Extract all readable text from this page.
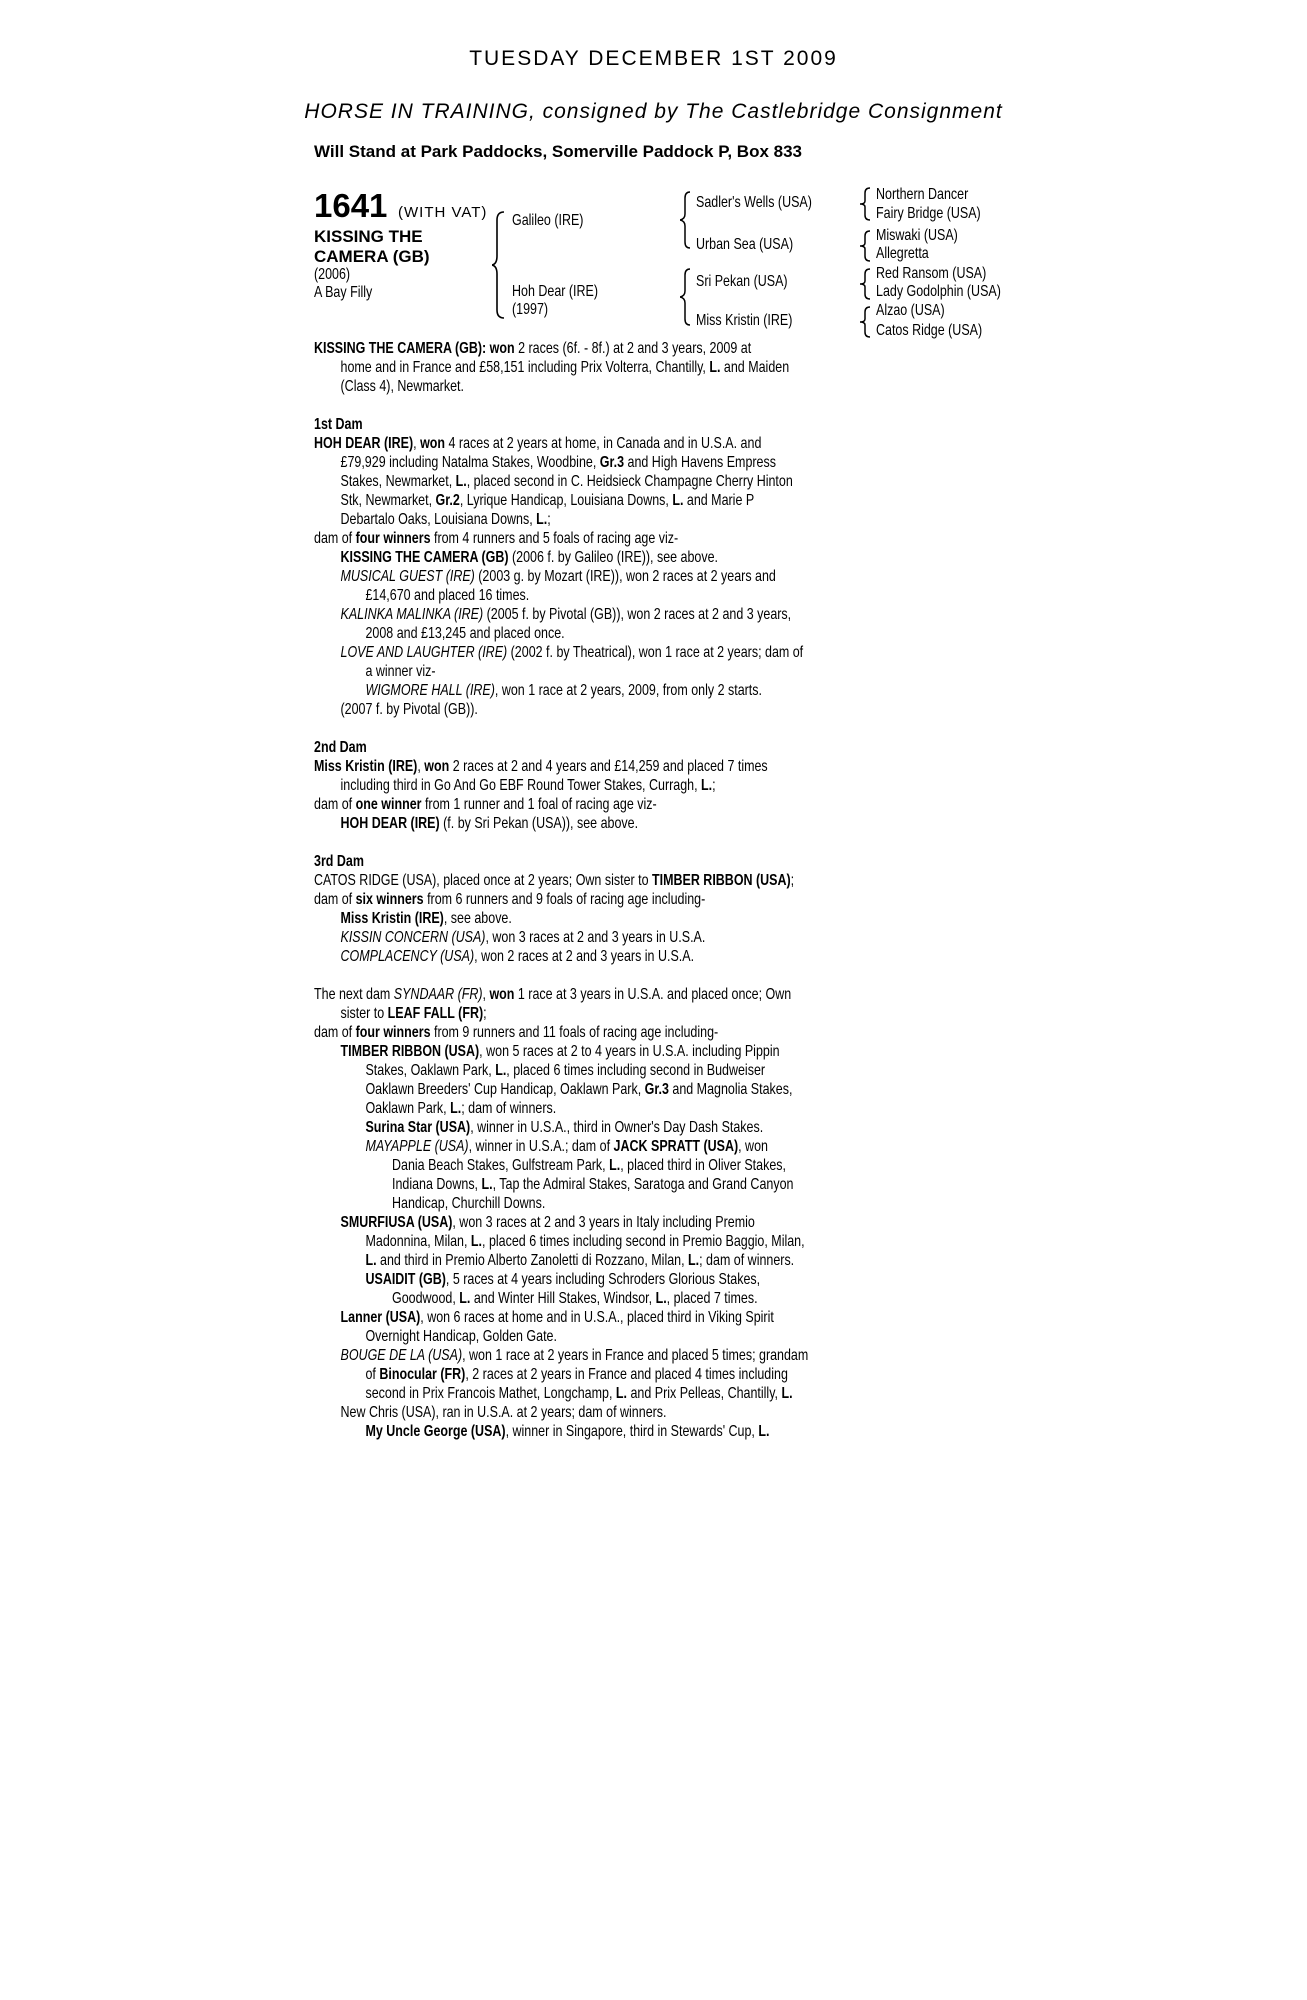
TUESDAY DECEMBER 1ST 2009
HORSE IN TRAINING, consigned by The Castlebridge Consignment
Will Stand at Park Paddocks, Somerville Paddock P, Box 833
1641 (WITH VAT)
KISSING THE
CAMERA (GB)
(2006)
A Bay Filly
Galileo (IRE)
Hoh Dear (IRE)
(1997)
Sadler's Wells (USA)
Urban Sea (USA)
Sri Pekan (USA)
Miss Kristin (IRE)
Northern Dancer
Fairy Bridge (USA)
Miswaki (USA)
Allegretta
Red Ransom (USA)
Lady Godolphin (USA)
Alzao (USA)
Catos Ridge (USA)

KISSING THE CAMERA (GB): won 2 races (6f. - 8f.) at 2 and 3 years, 2009 at

home and in France and £58,151 including Prix Volterra, Chantilly, L. and Maiden

(Class 4), Newmarket.

1st Dam

HOH DEAR (IRE), won 4 races at 2 years at home, in Canada and in U.S.A. and

£79,929 including Natalma Stakes, Woodbine, Gr.3 and High Havens Empress

Stakes, Newmarket, L., placed second in C. Heidsieck Champagne Cherry Hinton

Stk, Newmarket, Gr.2, Lyrique Handicap, Louisiana Downs, L. and Marie P

Debartalo Oaks, Louisiana Downs, L.;

dam of four winners from 4 runners and 5 foals of racing age viz-

KISSING THE CAMERA (GB) (2006 f. by Galileo (IRE)), see above.

MUSICAL GUEST (IRE) (2003 g. by Mozart (IRE)), won 2 races at 2 years and

£14,670 and placed 16 times.

KALINKA MALINKA (IRE) (2005 f. by Pivotal (GB)), won 2 races at 2 and 3 years,

2008 and £13,245 and placed once.

LOVE AND LAUGHTER (IRE) (2002 f. by Theatrical), won 1 race at 2 years; dam of

a winner viz-

WIGMORE HALL (IRE), won 1 race at 2 years, 2009, from only 2 starts.

(2007 f. by Pivotal (GB)).

2nd Dam

Miss Kristin (IRE), won 2 races at 2 and 4 years and £14,259 and placed 7 times

including third in Go And Go EBF Round Tower Stakes, Curragh, L.;

dam of one winner from 1 runner and 1 foal of racing age viz-

HOH DEAR (IRE) (f. by Sri Pekan (USA)), see above.

3rd Dam

CATOS RIDGE (USA), placed once at 2 years; Own sister to TIMBER RIBBON (USA);

dam of six winners from 6 runners and 9 foals of racing age including-

Miss Kristin (IRE), see above.

KISSIN CONCERN (USA), won 3 races at 2 and 3 years in U.S.A.

COMPLACENCY (USA), won 2 races at 2 and 3 years in U.S.A.

The next dam SYNDAAR (FR), won 1 race at 3 years in U.S.A. and placed once; Own

sister to LEAF FALL (FR);

dam of four winners from 9 runners and 11 foals of racing age including-

TIMBER RIBBON (USA), won 5 races at 2 to 4 years in U.S.A. including Pippin

Stakes, Oaklawn Park, L., placed 6 times including second in Budweiser

Oaklawn Breeders' Cup Handicap, Oaklawn Park, Gr.3 and Magnolia Stakes,

Oaklawn Park, L.; dam of winners.

Surina Star (USA), winner in U.S.A., third in Owner's Day Dash Stakes.

MAYAPPLE (USA), winner in U.S.A.; dam of JACK SPRATT (USA), won

Dania Beach Stakes, Gulfstream Park, L., placed third in Oliver Stakes,

Indiana Downs, L., Tap the Admiral Stakes, Saratoga and Grand Canyon

Handicap, Churchill Downs.

SMURFIUSA (USA), won 3 races at 2 and 3 years in Italy including Premio

Madonnina, Milan, L., placed 6 times including second in Premio Baggio, Milan,

L. and third in Premio Alberto Zanoletti di Rozzano, Milan, L.; dam of winners.

USAIDIT (GB), 5 races at 4 years including Schroders Glorious Stakes,

Goodwood, L. and Winter Hill Stakes, Windsor, L., placed 7 times.

Lanner (USA), won 6 races at home and in U.S.A., placed third in Viking Spirit

Overnight Handicap, Golden Gate.

BOUGE DE LA (USA), won 1 race at 2 years in France and placed 5 times; grandam

of Binocular (FR), 2 races at 2 years in France and placed 4 times including

second in Prix Francois Mathet, Longchamp, L. and Prix Pelleas, Chantilly, L.

New Chris (USA), ran in U.S.A. at 2 years; dam of winners.

My Uncle George (USA), winner in Singapore, third in Stewards' Cup, L.
